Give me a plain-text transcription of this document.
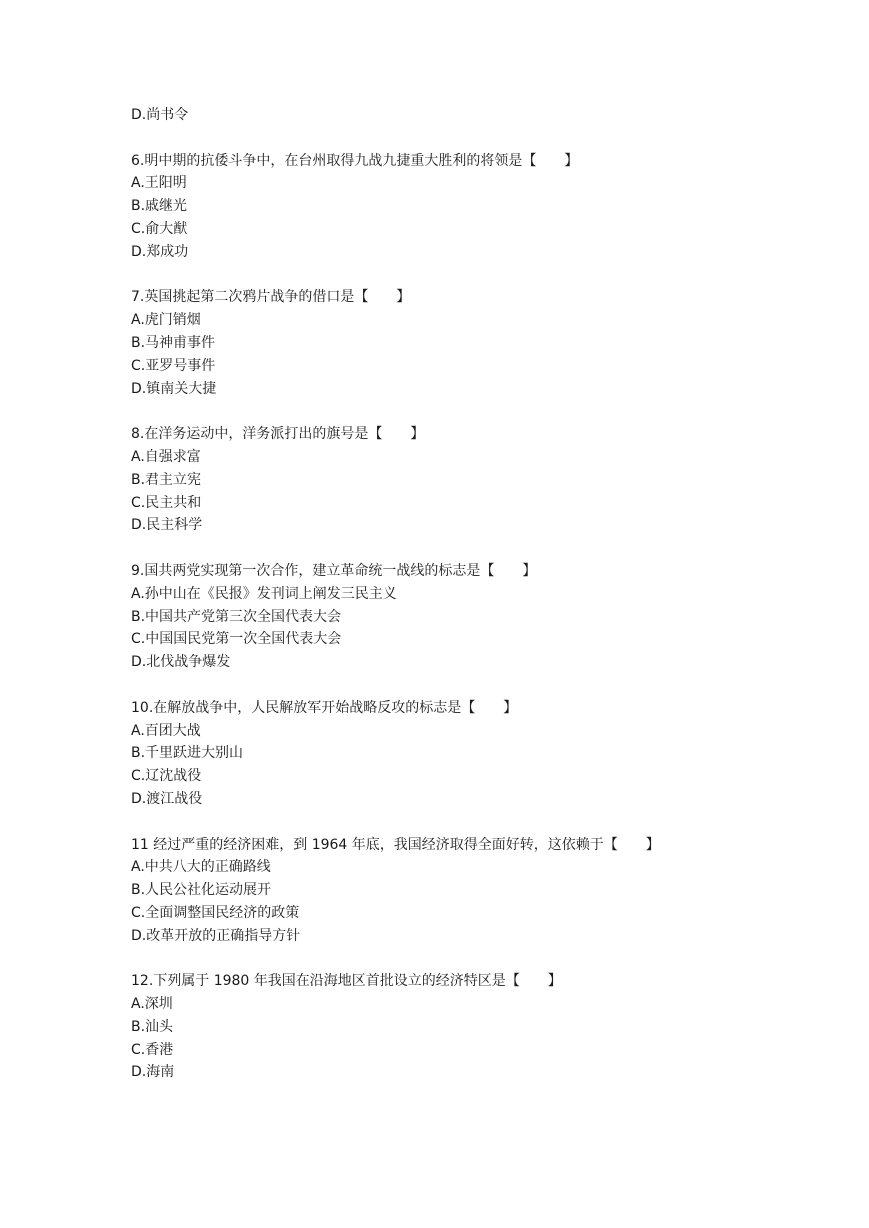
D.尚书令
6.明中期的抗倭斗争中，在台州取得九战九捷重大胜利的将领是【　　】
A.王阳明
B.戚继光
C.俞大猷
D.郑成功
7.英国挑起第二次鸦片战争的借口是【　　】
A.虎门销烟
B.马神甫事件
C.亚罗号事件
D.镇南关大捷
8.在洋务运动中，洋务派打出的旗号是【　　】
A.自强求富
B.君主立宪
C.民主共和
D.民主科学
9.国共两党实现第一次合作，建立革命统一战线的标志是【　　】
A.孙中山在《民报》发刊词上阐发三民主义
B.中国共产党第三次全国代表大会
C.中国国民党第一次全国代表大会
D.北伐战争爆发
10.在解放战争中，人民解放军开始战略反攻的标志是【　　】
A.百团大战
B.千里跃进大别山
C.辽沈战役
D.渡江战役
11 经过严重的经济困难，到 1964 年底，我国经济取得全面好转，这依赖于【　　】
A.中共八大的正确路线
B.人民公社化运动展开
C.全面调整国民经济的政策
D.改革开放的正确指导方针
12.下列属于 1980 年我国在沿海地区首批设立的经济特区是【　　】
A.深圳
B.汕头
C.香港
D.海南
